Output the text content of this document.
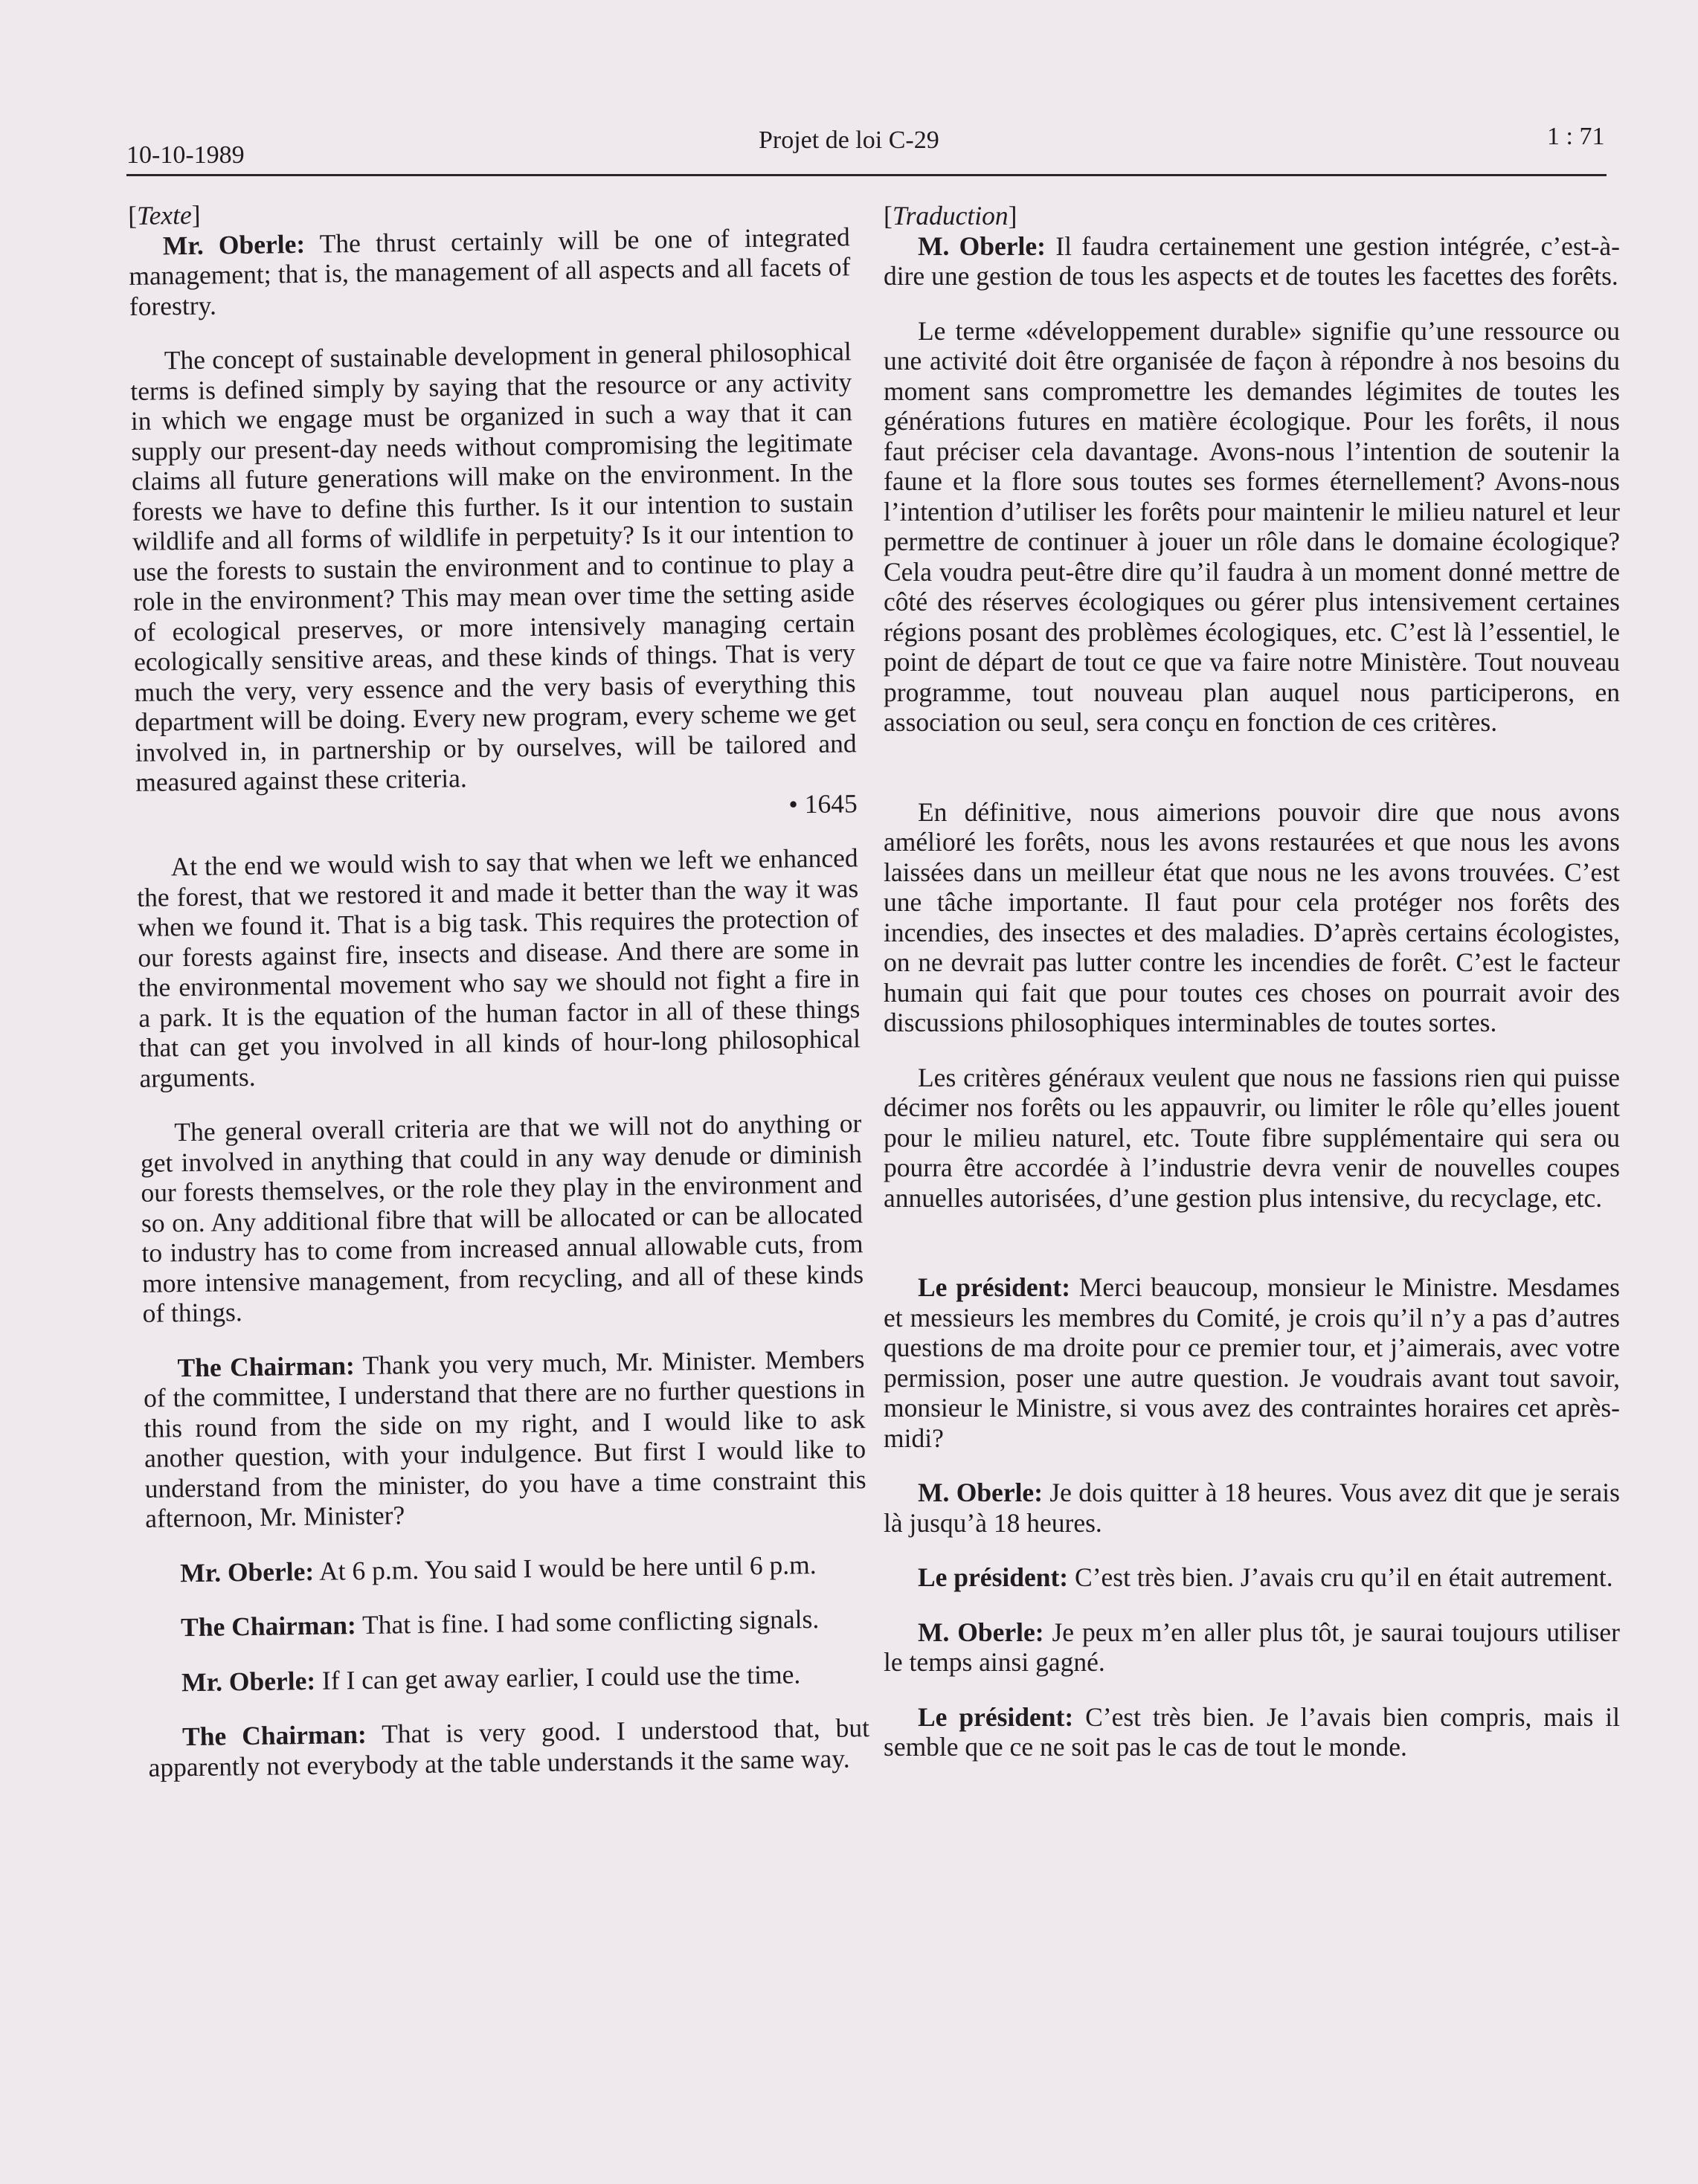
10-10-1989
Projet de loi C-29	1 : 71

[Texte]

Mr. Oberle: The thrust certainly will be one of integrated management; that is, the management of all aspects and all facets of forestry.

The concept of sustainable development in general philosophical terms is defined simply by saying that the resource or any activity in which we engage must be organized in such a way that it can supply our present-day needs without compromising the legitimate claims all future generations will make on the environment. In the forests we have to define this further. Is it our intention to sustain wildlife and all forms of wildlife in perpetuity? Is it our intention to use the forests to sustain the environment and to continue to play a role in the environment? This may mean over time the setting aside of ecological preserves, or more intensively managing certain ecologically sensitive areas, and these kinds of things. That is very much the very, very essence and the very basis of everything this department will be doing. Every new program, every scheme we get involved in, in partnership or by ourselves, will be tailored and measured against these criteria.

• 1645

At the end we would wish to say that when we left we enhanced the forest, that we restored it and made it better than the way it was when we found it. That is a big task. This requires the protection of our forests against fire, insects and disease. And there are some in the environmental movement who say we should not fight a fire in a park. It is the equation of the human factor in all of these things that can get you involved in all kinds of hour-long philosophical arguments.

The general overall criteria are that we will not do anything or get involved in anything that could in any way denude or diminish our forests themselves, or the role they play in the environment and so on. Any additional fibre that will be allocated or can be allocated to industry has to come from increased annual allowable cuts, from more intensive management, from recycling, and all of these kinds of things.

The Chairman: Thank you very much, Mr. Minister. Members of the committee, I understand that there are no further questions in this round from the side on my right, and I would like to ask another question, with your indulgence. But first I would like to understand from the minister, do you have a time constraint this afternoon, Mr. Minister?

Mr. Oberle: At 6 p.m. You said I would be here until 6 p.m.

The Chairman: That is fine. I had some conflicting signals.

Mr. Oberle: If I can get away earlier, I could use the time.

The Chairman: That is very good. I understood that, but apparently not everybody at the table understands it the same way.

[Traduction]

M. Oberle: Il faudra certainement une gestion intégrée, c’est-à-dire une gestion de tous les aspects et de toutes les facettes des forêts.

Le terme «développement durable» signifie qu’une ressource ou une activité doit être organisée de façon à répondre à nos besoins du moment sans compromettre les demandes légimites de toutes les générations futures en matière écologique. Pour les forêts, il nous faut préciser cela davantage. Avons-nous l’intention de soutenir la faune et la flore sous toutes ses formes éternellement? Avons-nous l’intention d’utiliser les forêts pour maintenir le milieu naturel et leur permettre de continuer à jouer un rôle dans le domaine écologique? Cela voudra peut-être dire qu’il faudra à un moment donné mettre de côté des réserves écologiques ou gérer plus intensivement certaines régions posant des problèmes écologiques, etc. C’est là l’essentiel, le point de départ de tout ce que va faire notre Ministère. Tout nouveau programme, tout nouveau plan auquel nous participerons, en association ou seul, sera conçu en fonction de ces critères.

En définitive, nous aimerions pouvoir dire que nous avons amélioré les forêts, nous les avons restaurées et que nous les avons laissées dans un meilleur état que nous ne les avons trouvées. C’est une tâche importante. Il faut pour cela protéger nos forêts des incendies, des insectes et des maladies. D’après certains écologistes, on ne devrait pas lutter contre les incendies de forêt. C’est le facteur humain qui fait que pour toutes ces choses on pourrait avoir des discussions philosophiques interminables de toutes sortes.

Les critères généraux veulent que nous ne fassions rien qui puisse décimer nos forêts ou les appauvrir, ou limiter le rôle qu’elles jouent pour le milieu naturel, etc. Toute fibre supplémentaire qui sera ou pourra être accordée à l’industrie devra venir de nouvelles coupes annuelles autorisées, d’une gestion plus intensive, du recyclage, etc.

Le président: Merci beaucoup, monsieur le Ministre. Mesdames et messieurs les membres du Comité, je crois qu’il n’y a pas d’autres questions de ma droite pour ce premier tour, et j’aimerais, avec votre permission, poser une autre question. Je voudrais avant tout savoir, monsieur le Ministre, si vous avez des contraintes horaires cet après-midi?

M. Oberle: Je dois quitter à 18 heures. Vous avez dit que je serais là jusqu’à 18 heures.

Le président: C’est très bien. J’avais cru qu’il en était autrement.

M. Oberle: Je peux m’en aller plus tôt, je saurai toujours utiliser le temps ainsi gagné.

Le président: C’est très bien. Je l’avais bien compris, mais il semble que ce ne soit pas le cas de tout le monde.
